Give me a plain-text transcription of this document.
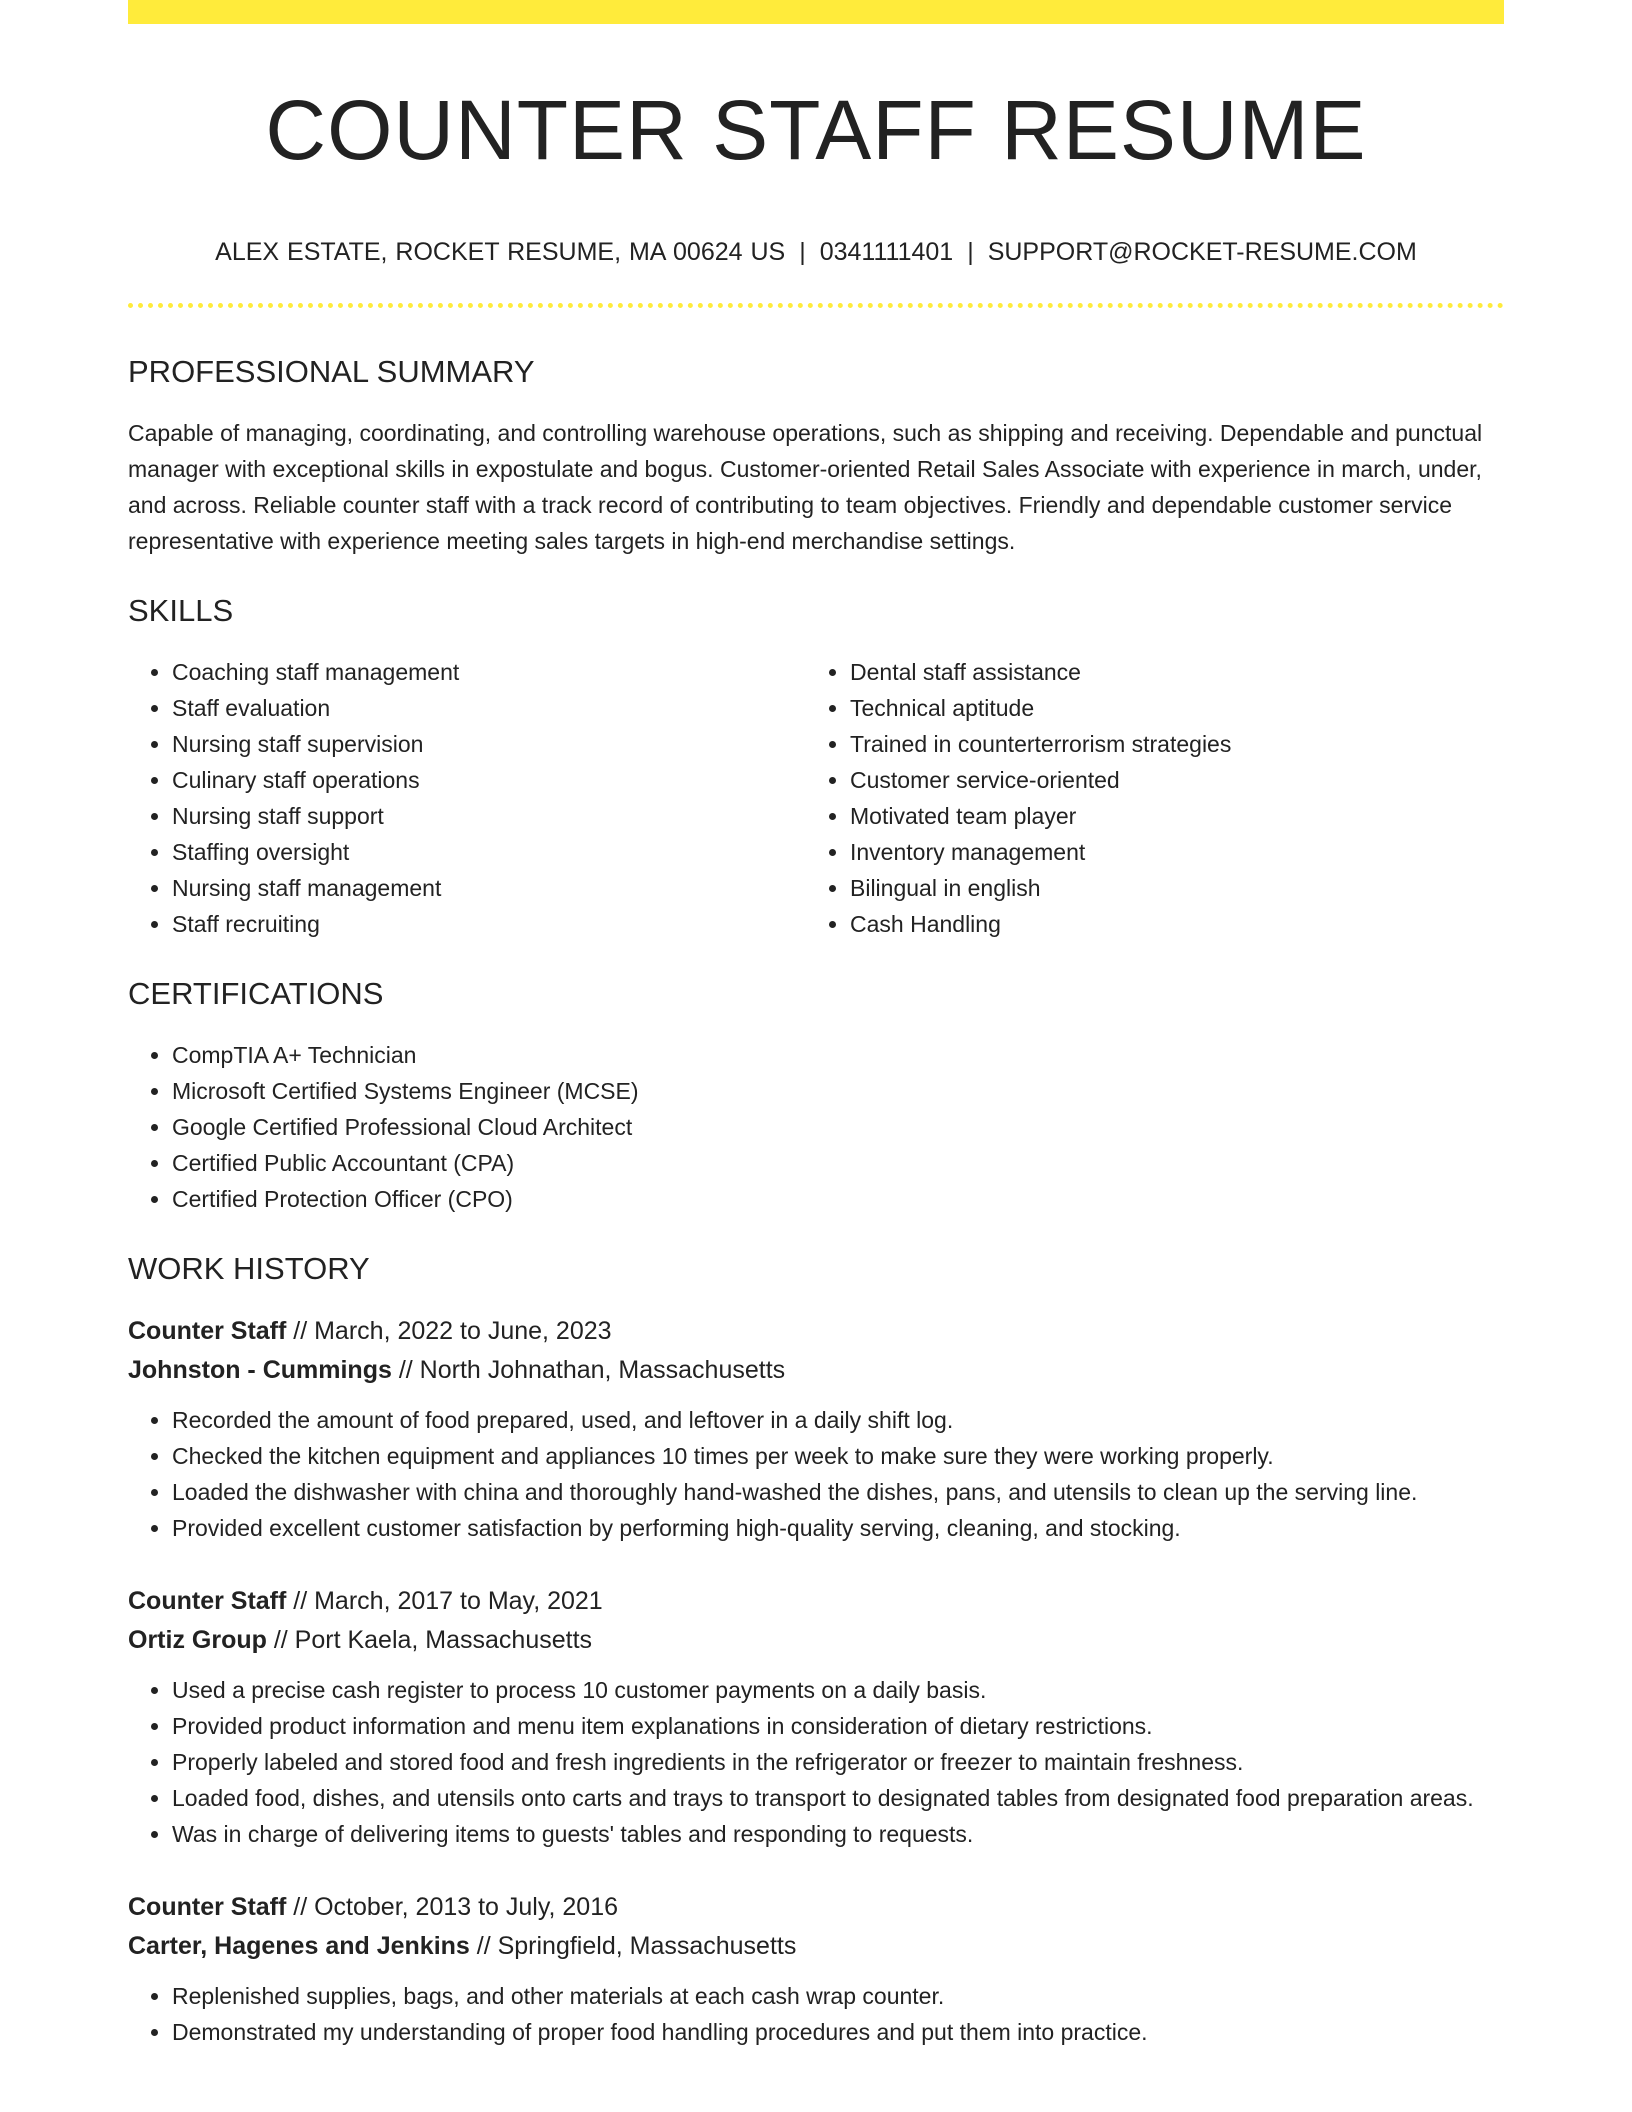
COUNTER STAFF RESUME
ALEX ESTATE, ROCKET RESUME, MA 00624 US | 0341111401 | SUPPORT@ROCKET-RESUME.COM
PROFESSIONAL SUMMARY

Capable of managing, coordinating, and controlling warehouse operations, such as shipping and receiving. Dependable and punctual manager with exceptional skills in expostulate and bogus. Customer-oriented Retail Sales Associate with experience in march, under, and across. Reliable counter staff with a track record of contributing to team objectives. Friendly and dependable customer service representative with experience meeting sales targets in high-end merchandise settings.

SKILLS
• Coaching staff management
• Staff evaluation
• Nursing staff supervision
• Culinary staff operations
• Nursing staff support
• Staffing oversight
• Nursing staff management
• Staff recruiting
• Dental staff assistance
• Technical aptitude
• Trained in counterterrorism strategies
• Customer service-oriented
• Motivated team player
• Inventory management
• Bilingual in english
• Cash Handling
CERTIFICATIONS
• CompTIA A+ Technician
• Microsoft Certified Systems Engineer (MCSE)
• Google Certified Professional Cloud Architect
• Certified Public Accountant (CPA)
• Certified Protection Officer (CPO)
WORK HISTORY
Counter Staff // March, 2022 to June, 2023
Johnston - Cummings // North Johnathan, Massachusetts
• Recorded the amount of food prepared, used, and leftover in a daily shift log.
• Checked the kitchen equipment and appliances 10 times per week to make sure they were working properly.
• Loaded the dishwasher with china and thoroughly hand-washed the dishes, pans, and utensils to clean up the serving line.
• Provided excellent customer satisfaction by performing high-quality serving, cleaning, and stocking.
Counter Staff // March, 2017 to May, 2021
Ortiz Group // Port Kaela, Massachusetts
• Used a precise cash register to process 10 customer payments on a daily basis.
• Provided product information and menu item explanations in consideration of dietary restrictions.
• Properly labeled and stored food and fresh ingredients in the refrigerator or freezer to maintain freshness.
• Loaded food, dishes, and utensils onto carts and trays to transport to designated tables from designated food preparation areas.
• Was in charge of delivering items to guests' tables and responding to requests.
Counter Staff // October, 2013 to July, 2016
Carter, Hagenes and Jenkins // Springfield, Massachusetts
• Replenished supplies, bags, and other materials at each cash wrap counter.
• Demonstrated my understanding of proper food handling procedures and put them into practice.
